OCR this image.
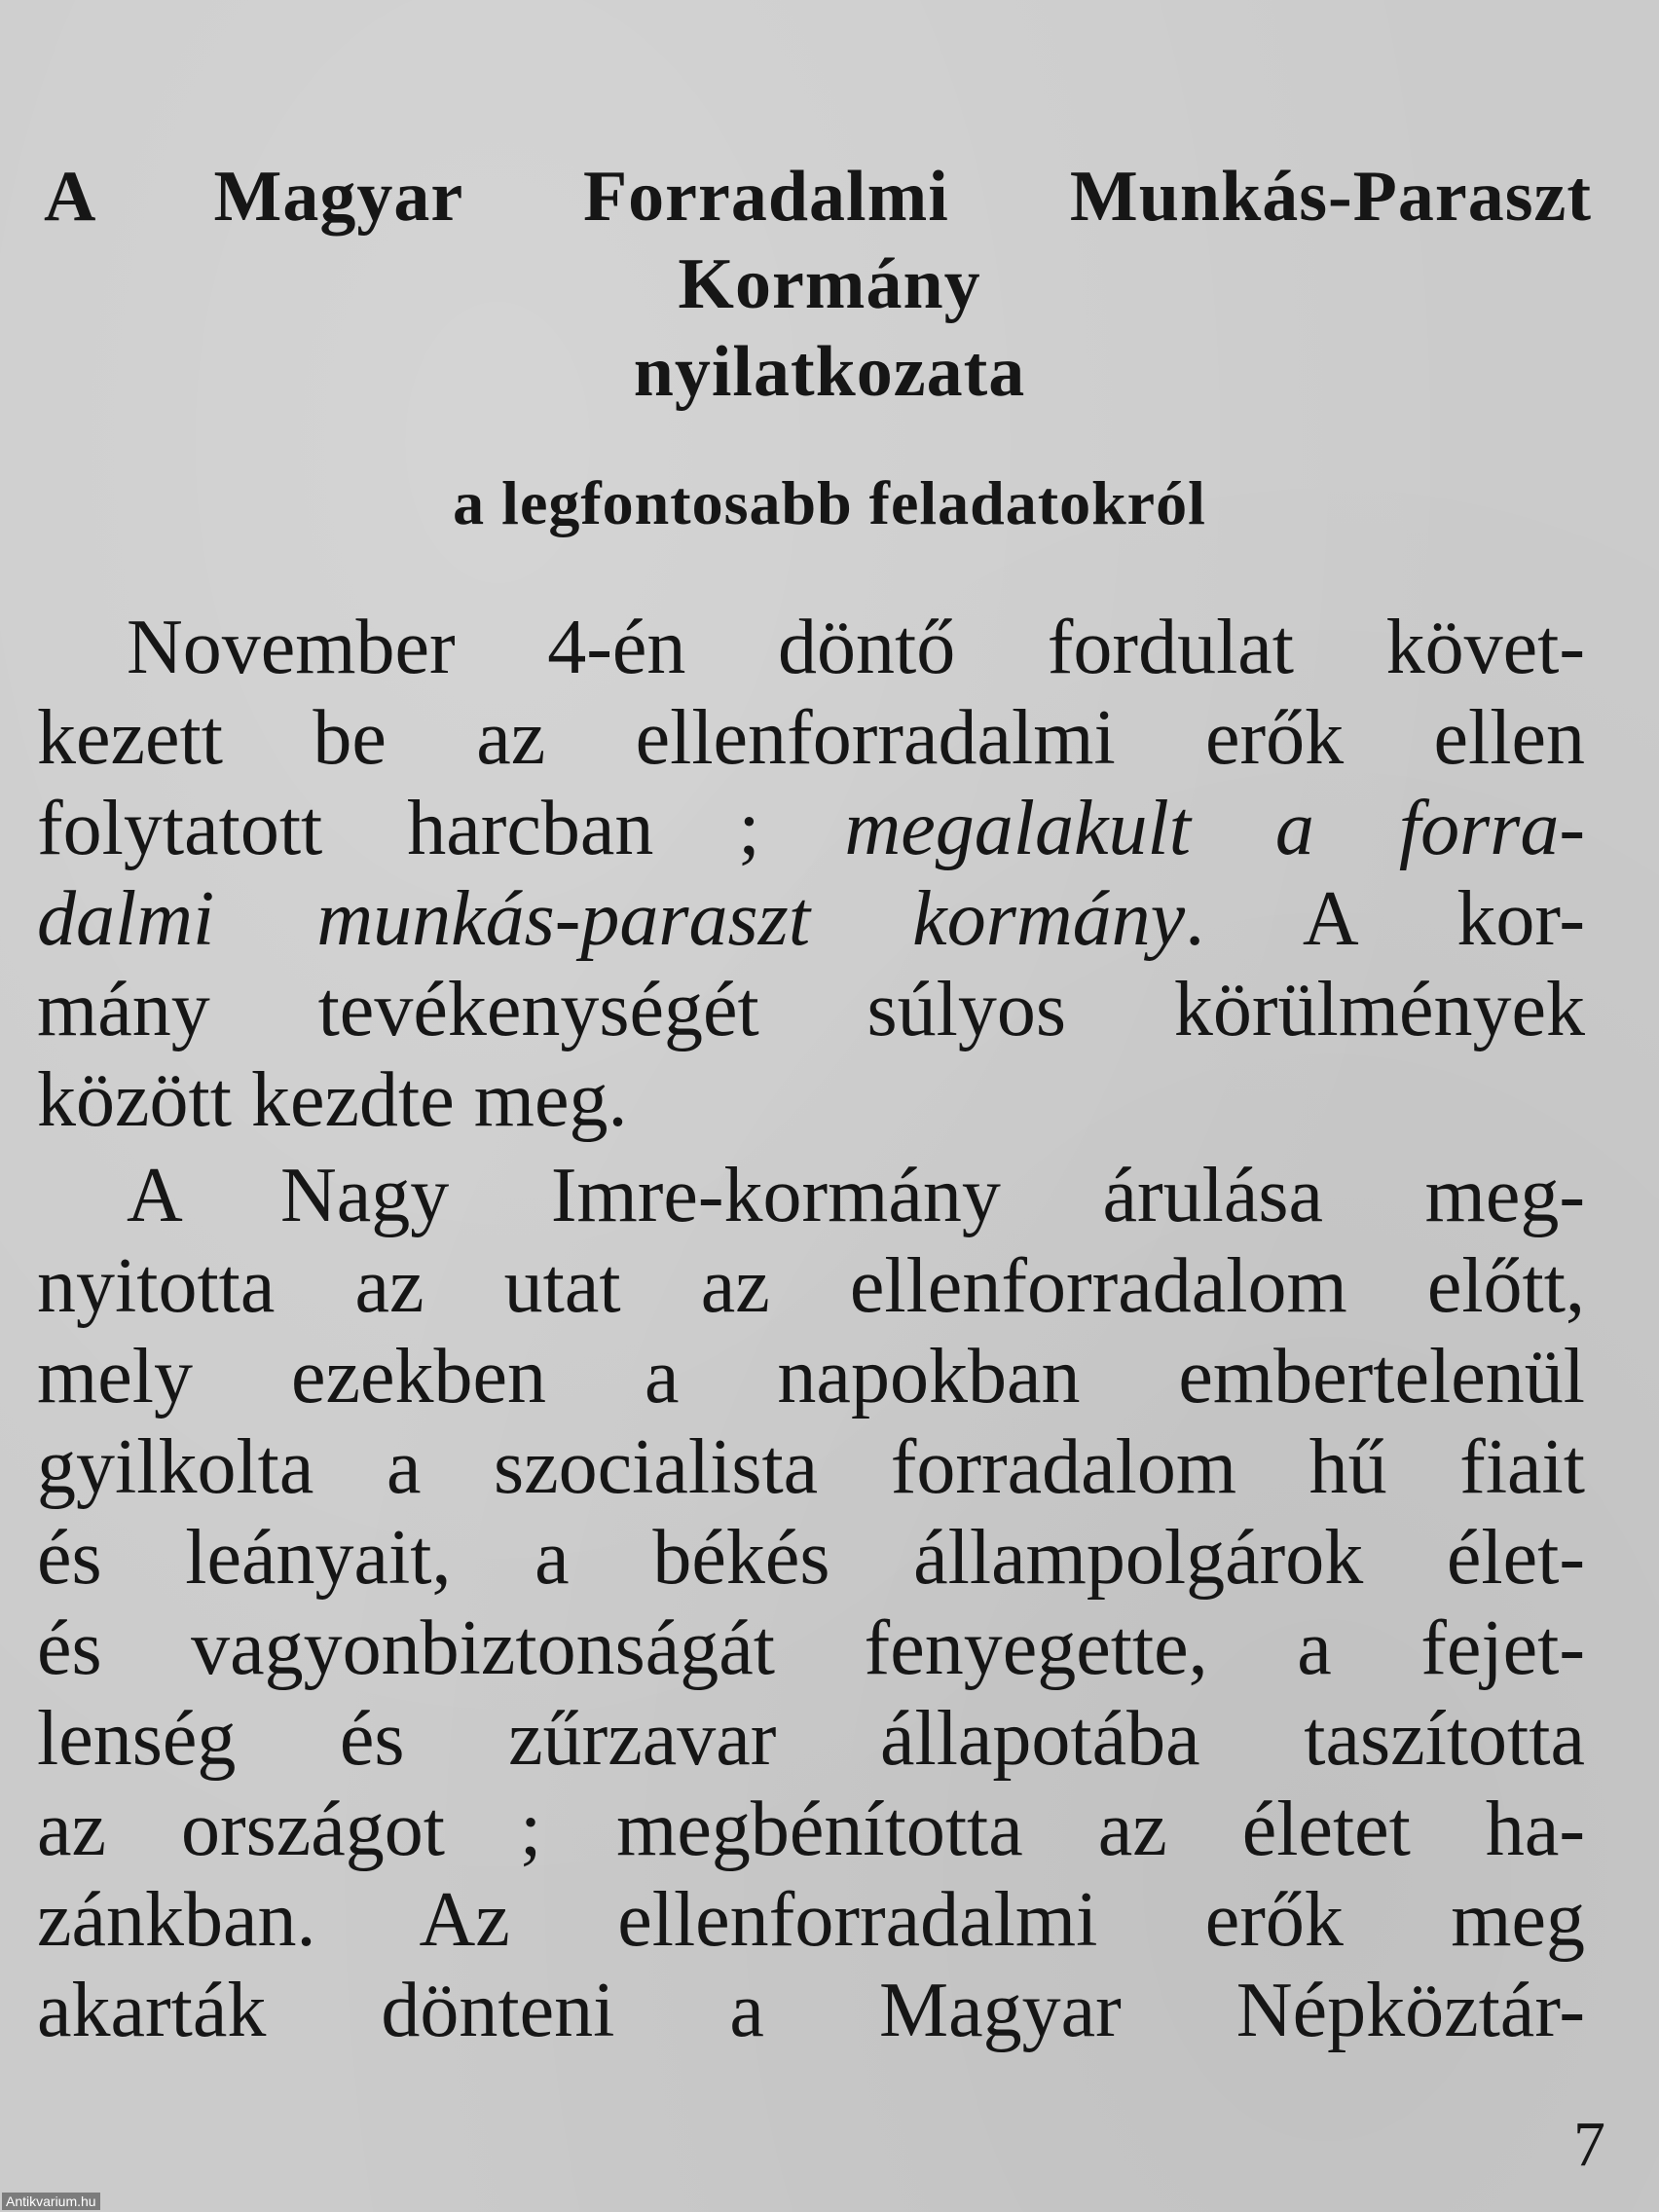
A Magyar Forradalmi Munkás-Paraszt
Kormány
nyilatkozata
a legfontosabb feladatokról
November 4-én döntő fordulat követ-
kezett be az ellenforradalmi erők ellen
folytatott harcban ; megalakult a forra-
dalmi munkás-paraszt kormány. A kor-
mány tevékenységét súlyos körülmények
között kezdte meg.
A Nagy Imre-kormány árulása meg-
nyitotta az utat az ellenforradalom előtt,
mely ezekben a napokban embertelenül
gyilkolta a szocialista forradalom hű fiait
és leányait, a békés állampolgárok élet-
és vagyonbiztonságát fenyegette, a fejet-
lenség és zűrzavar állapotába taszította
az országot ; megbénította az életet ha-
zánkban. Az ellenforradalmi erők meg
akarták dönteni a Magyar Népköztár-
7
Antikvarium.hu
